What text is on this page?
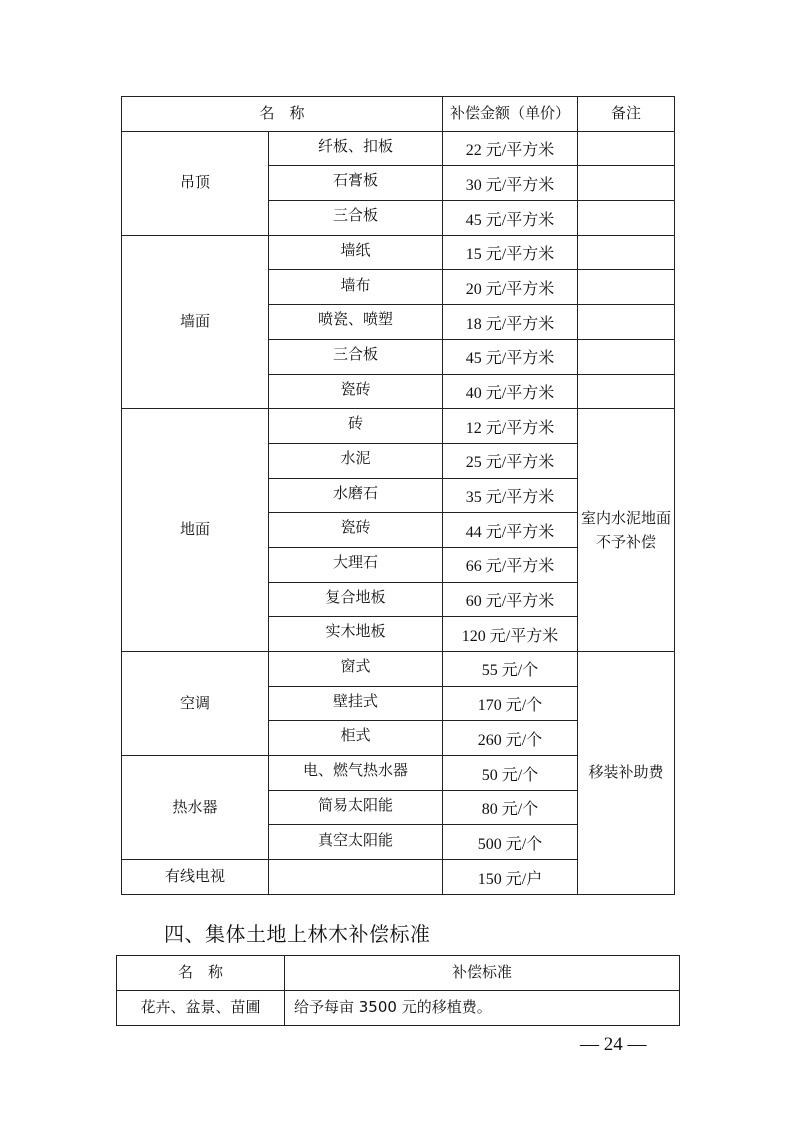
名　称		补偿金额（单价）	备注
吊顶	纤板、扣板	22 元/平方米	
	石膏板	30 元/平方米	
	三合板	45 元/平方米	
墙面	墙纸	15 元/平方米	
	墙布	20 元/平方米	
	喷瓷、喷塑	18 元/平方米	
	三合板	45 元/平方米	
	瓷砖	40 元/平方米	
地面	砖	12 元/平方米	室内水泥地面不予补偿
	水泥	25 元/平方米	
	水磨石	35 元/平方米	
	瓷砖	44 元/平方米	
	大理石	66 元/平方米	
	复合地板	60 元/平方米	
	实木地板	120 元/平方米	
空调	窗式	55 元/个	移装补助费
	壁挂式	170 元/个	
	柜式	260 元/个	
热水器	电、燃气热水器	50 元/个	
	简易太阳能	80 元/个	
	真空太阳能	500 元/个	
有线电视		150 元/户	
四、集体土地上林木补偿标准
名　称	补偿标准
花卉、盆景、苗圃	给予每亩 3500 元的移植费。
— 24 —
